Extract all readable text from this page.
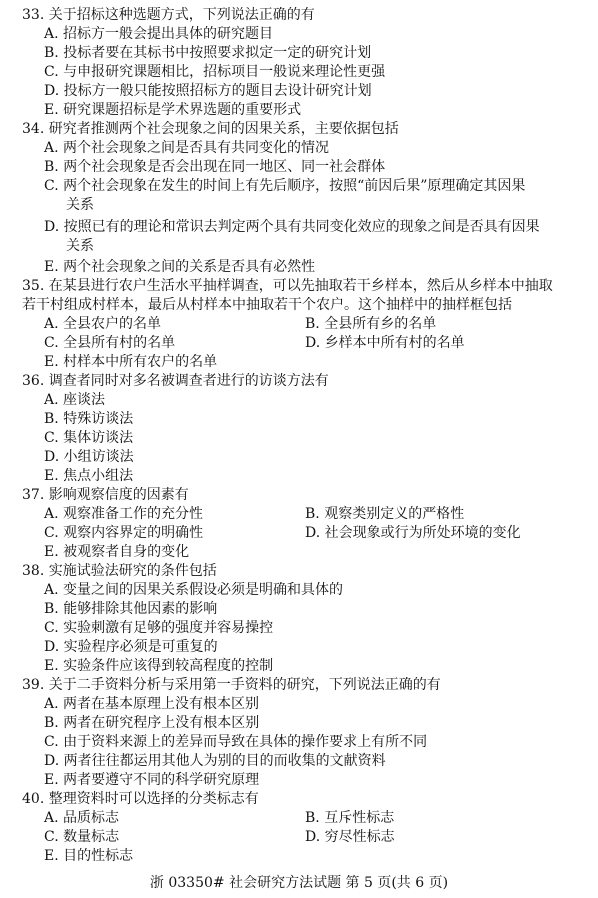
33. 关于招标这种选题方式，下列说法正确的有
A. 招标方一般会提出具体的研究题目
B. 投标者要在其标书中按照要求拟定一定的研究计划
C. 与申报研究课题相比，招标项目一般说来理论性更强
D. 投标方一般只能按照招标方的题目去设计研究计划
E. 研究课题招标是学术界选题的重要形式
34. 研究者推测两个社会现象之间的因果关系，主要依据包括
A. 两个社会现象之间是否具有共同变化的情况
B. 两个社会现象是否会出现在同一地区、同一社会群体
C. 两个社会现象在发生的时间上有先后顺序，按照“前因后果”原理确定其因果
关系
D. 按照已有的理论和常识去判定两个具有共同变化效应的现象之间是否具有因果
关系
E. 两个社会现象之间的关系是否具有必然性
35. 在某县进行农户生活水平抽样调查，可以先抽取若干乡样本，然后从乡样本中抽取
若干村组成村样本，最后从村样本中抽取若干个农户。这个抽样中的抽样框包括
A. 全县农户的名单	B. 全县所有乡的名单
C. 全县所有村的名单	D. 乡样本中所有村的名单
E. 村样本中所有农户的名单
36. 调查者同时对多名被调查者进行的访谈方法有
A. 座谈法
B. 特殊访谈法
C. 集体访谈法
D. 小组访谈法
E. 焦点小组法
37. 影响观察信度的因素有
A. 观察准备工作的充分性	B. 观察类别定义的严格性
C. 观察内容界定的明确性	D. 社会现象或行为所处环境的变化
E. 被观察者自身的变化
38. 实施试验法研究的条件包括
A. 变量之间的因果关系假设必须是明确和具体的
B. 能够排除其他因素的影响
C. 实验刺激有足够的强度并容易操控
D. 实验程序必须是可重复的
E. 实验条件应该得到较高程度的控制
39. 关于二手资料分析与采用第一手资料的研究，下列说法正确的有
A. 两者在基本原理上没有根本区别
B. 两者在研究程序上没有根本区别
C. 由于资料来源上的差异而导致在具体的操作要求上有所不同
D. 两者往往都运用其他人为别的目的而收集的文献资料
E. 两者要遵守不同的科学研究原理
40. 整理资料时可以选择的分类标志有
A. 品质标志	B. 互斥性标志
C. 数量标志	D. 穷尽性标志
E. 目的性标志
浙 03350# 社会研究方法试题 第 5 页(共 6 页)
